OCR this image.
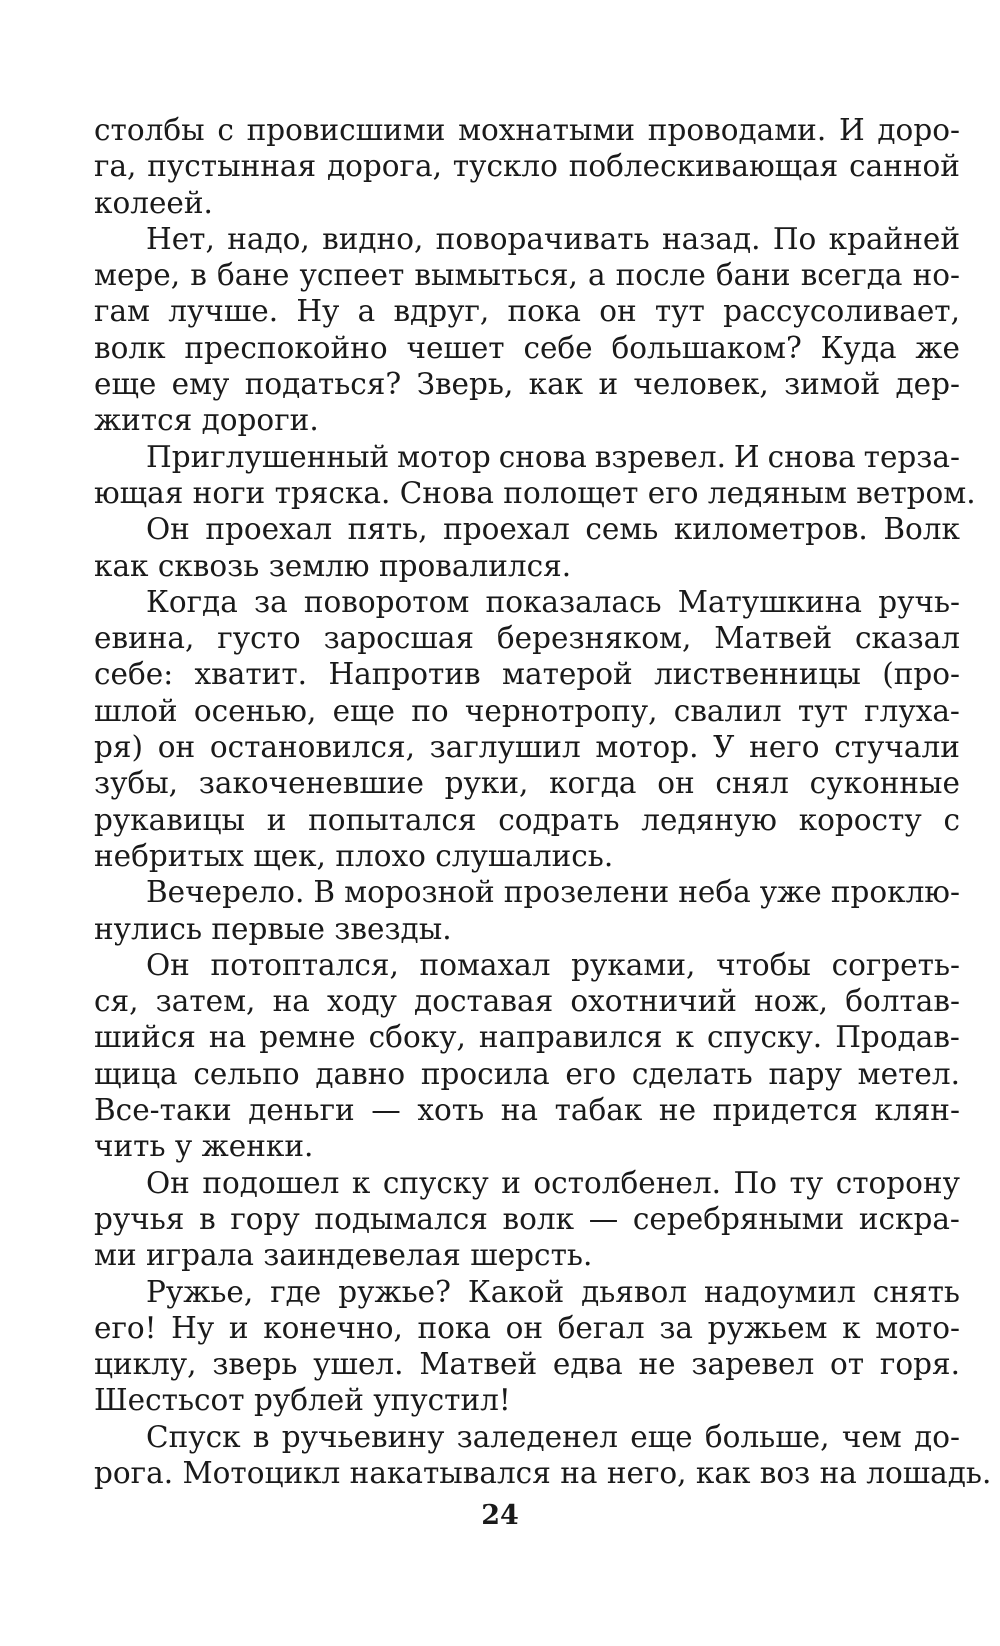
столбы с провисшими мохнатыми проводами. И доро-
га, пустынная дорога, тускло поблескивающая санной
колеей.
Нет, надо, видно, поворачивать назад. По крайней
мере, в бане успеет вымыться, а после бани всегда но-
гам лучше. Ну а вдруг, пока он тут рассусоливает,
волк преспокойно чешет себе большаком? Куда же
еще ему податься? Зверь, как и человек, зимой дер-
жится дороги.
Приглушенный мотор снова взревел. И снова терза-
ющая ноги тряска. Снова полощет его ледяным ветром.
Он проехал пять, проехал семь километров. Волк
как сквозь землю провалился.
Когда за поворотом показалась Матушкина ручь-
евина, густо заросшая березняком, Матвей сказал
себе: хватит. Напротив матерой лиственницы (про-
шлой осенью, еще по чернотропу, свалил тут глуха-
ря) он остановился, заглушил мотор. У него стучали
зубы, закоченевшие руки, когда он снял суконные
рукавицы и попытался содрать ледяную коросту с
небритых щек, плохо слушались.
Вечерело. В морозной прозелени неба уже проклю-
нулись первые звезды.
Он потоптался, помахал руками, чтобы согреть-
ся, затем, на ходу доставая охотничий нож, болтав-
шийся на ремне сбоку, направился к спуску. Продав-
щица сельпо давно просила его сделать пару метел.
Все-таки деньги — хоть на табак не придется клян-
чить у женки.
Он подошел к спуску и остолбенел. По ту сторону
ручья в гору подымался волк — серебряными искра-
ми играла заиндевелая шерсть.
Ружье, где ружье? Какой дьявол надоумил снять
его! Ну и конечно, пока он бегал за ружьем к мото-
циклу, зверь ушел. Матвей едва не заревел от горя.
Шестьсот рублей упустил!
Спуск в ручьевину заледенел еще больше, чем до-
рога. Мотоцикл накатывался на него, как воз на лошадь.
24
